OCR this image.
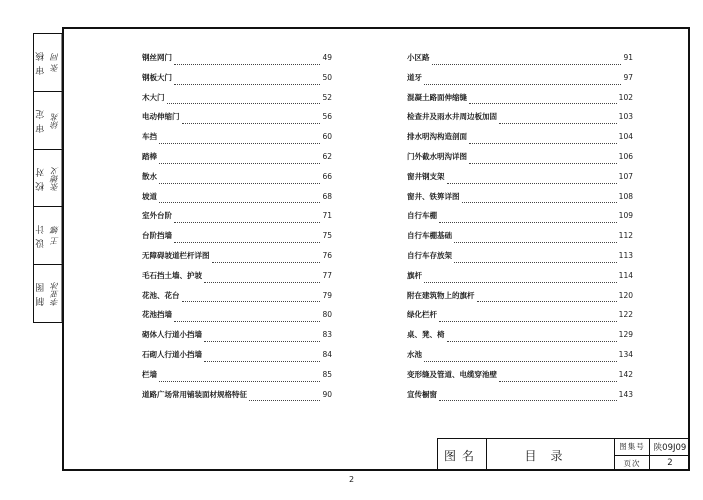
审 核 张 同
审 定 徐兆
校 对 张德义
设 计 王 娜
制 图 李亚冰
钢丝网门	49
钢板大门	50
木大门	52
电动伸缩门	56
车挡	60
踏棒	62
散水	66
坡道	68
室外台阶	71
台阶挡墙	75
无障碍坡道栏杆详图	76
毛石挡土墙、护坡	77
花池、花台	79
花池挡墙	80
砌体人行道小挡墙	83
石砌人行道小挡墙	84
栏墙	85
道路广场常用铺装面材规格特征	90
小区路	91
道牙	97
混凝土路面伸缩缝	102
检查井及雨水井周边板加固	103
排水明沟构造剖面	104
门外截水明沟详图	106
窗井钢支架	107
窗井、铁箅详图	108
自行车棚	109
自行车棚基础	112
自行车存放架	113
旗杆	114
附在建筑物上的旗杆	120
绿化栏杆	122
桌、凳、椅	129
水池	134
变形缝及管道、电缆穿池壁	142
宣传橱窗	143
图名	目录
图集号	陕09J09
页次	2
2
